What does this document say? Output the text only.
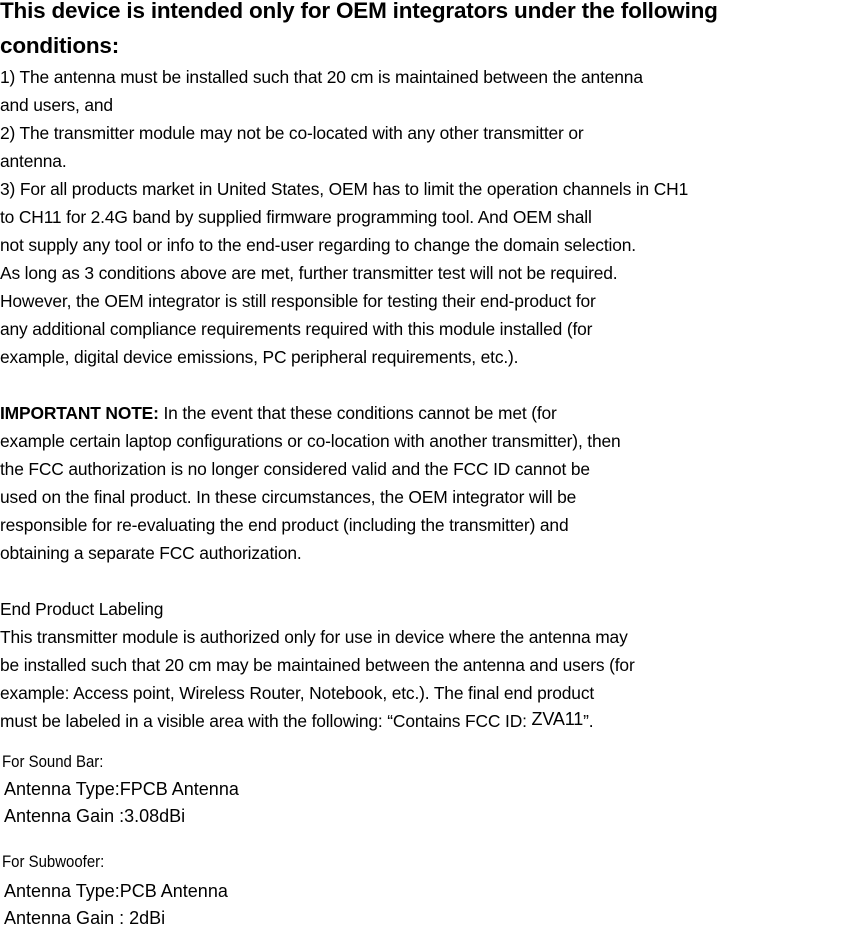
This device is intended only for OEM integrators under the following
conditions:
1) The antenna must be installed such that 20 cm is maintained between the antenna
and users, and
2) The transmitter module may not be co-located with any other transmitter or
antenna.
3) For all products market in United States, OEM has to limit the operation channels in CH1
to CH11 for 2.4G band by supplied firmware programming tool. And OEM shall
not supply any tool or info to the end-user regarding to change the domain selection.
As long as 3 conditions above are met, further transmitter test will not be required.
However, the OEM integrator is still responsible for testing their end-product for
any additional compliance requirements required with this module installed (for
example, digital device emissions, PC peripheral requirements, etc.).
IMPORTANT NOTE: In the event that these conditions cannot be met (for
example certain laptop configurations or co-location with another transmitter), then
the FCC authorization is no longer considered valid and the FCC ID cannot be
used on the final product. In these circumstances, the OEM integrator will be
responsible for re-evaluating the end product (including the transmitter) and
obtaining a separate FCC authorization.
End Product Labeling
This transmitter module is authorized only for use in device where the antenna may
be installed such that 20 cm may be maintained between the antenna and users (for
example: Access point, Wireless Router, Notebook, etc.). The final end product
must be labeled in a visible area with the following: “Contains FCC ID: ZVA11”.
For Sound Bar:
Antenna Type:FPCB Antenna
Antenna Gain :3.08dBi
For Subwoofer:
Antenna Type:PCB Antenna
Antenna Gain : 2dBi
